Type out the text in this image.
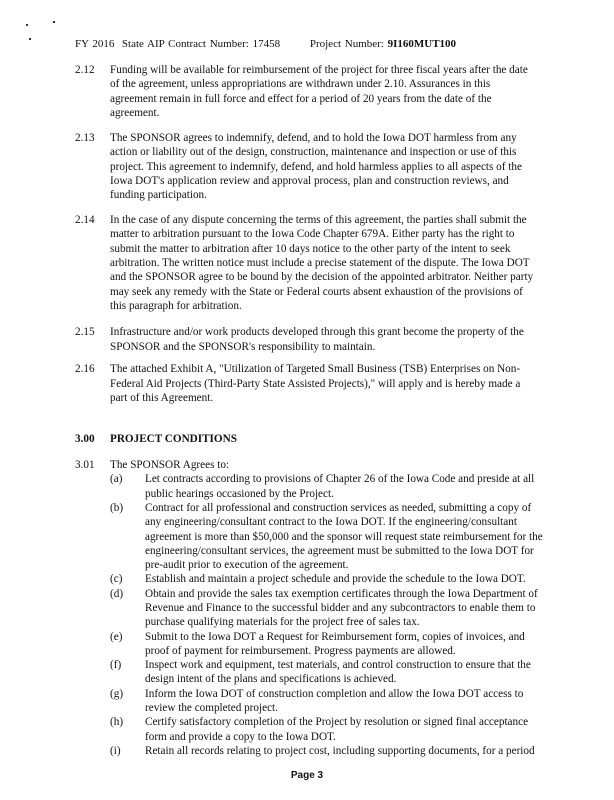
FY 2016 State AIP Contract Number: 17458	Project Number: 9I160MUT100
2.12	Funding will be available for reimbursement of the project for three fiscal years after the date
of the agreement, unless appropriations are withdrawn under 2.10. Assurances in this
agreement remain in full force and effect for a period of 20 years from the date of the
agreement.
2.13	The SPONSOR agrees to indemnify, defend, and to hold the Iowa DOT harmless from any
action or liability out of the design, construction, maintenance and inspection or use of this
project. This agreement to indemnify, defend, and hold harmless applies to all aspects of the
Iowa DOT's application review and approval process, plan and construction reviews, and
funding participation.
2.14	In the case of any dispute concerning the terms of this agreement, the parties shall submit the
matter to arbitration pursuant to the Iowa Code Chapter 679A. Either party has the right to
submit the matter to arbitration after 10 days notice to the other party of the intent to seek
arbitration. The written notice must include a precise statement of the dispute. The Iowa DOT
and the SPONSOR agree to be bound by the decision of the appointed arbitrator. Neither party
may seek any remedy with the State or Federal courts absent exhaustion of the provisions of
this paragraph for arbitration.
2.15	Infrastructure and/or work products developed through this grant become the property of the
SPONSOR and the SPONSOR's responsibility to maintain.
2.16	The attached Exhibit A, "Utilization of Targeted Small Business (TSB) Enterprises on Non-
Federal Aid Projects (Third-Party State Assisted Projects)," will apply and is hereby made a
part of this Agreement.
3.00	PROJECT CONDITIONS
3.01	The SPONSOR Agrees to:
(a)	Let contracts according to provisions of Chapter 26 of the Iowa Code and preside at all
public hearings occasioned by the Project.
(b)	Contract for all professional and construction services as needed, submitting a copy of
any engineering/consultant contract to the Iowa DOT. If the engineering/consultant
agreement is more than $50,000 and the sponsor will request state reimbursement for the
engineering/consultant services, the agreement must be submitted to the Iowa DOT for
pre-audit prior to execution of the agreement.
(c)	Establish and maintain a project schedule and provide the schedule to the Iowa DOT.
(d)	Obtain and provide the sales tax exemption certificates through the Iowa Department of
Revenue and Finance to the successful bidder and any subcontractors to enable them to
purchase qualifying materials for the project free of sales tax.
(e)	Submit to the Iowa DOT a Request for Reimbursement form, copies of invoices, and
proof of payment for reimbursement. Progress payments are allowed.
(f)	Inspect work and equipment, test materials, and control construction to ensure that the
design intent of the plans and specifications is achieved.
(g)	Inform the Iowa DOT of construction completion and allow the Iowa DOT access to
review the completed project.
(h)	Certify satisfactory completion of the Project by resolution or signed final acceptance
form and provide a copy to the Iowa DOT.
(i)	Retain all records relating to project cost, including supporting documents, for a period
Page 3
